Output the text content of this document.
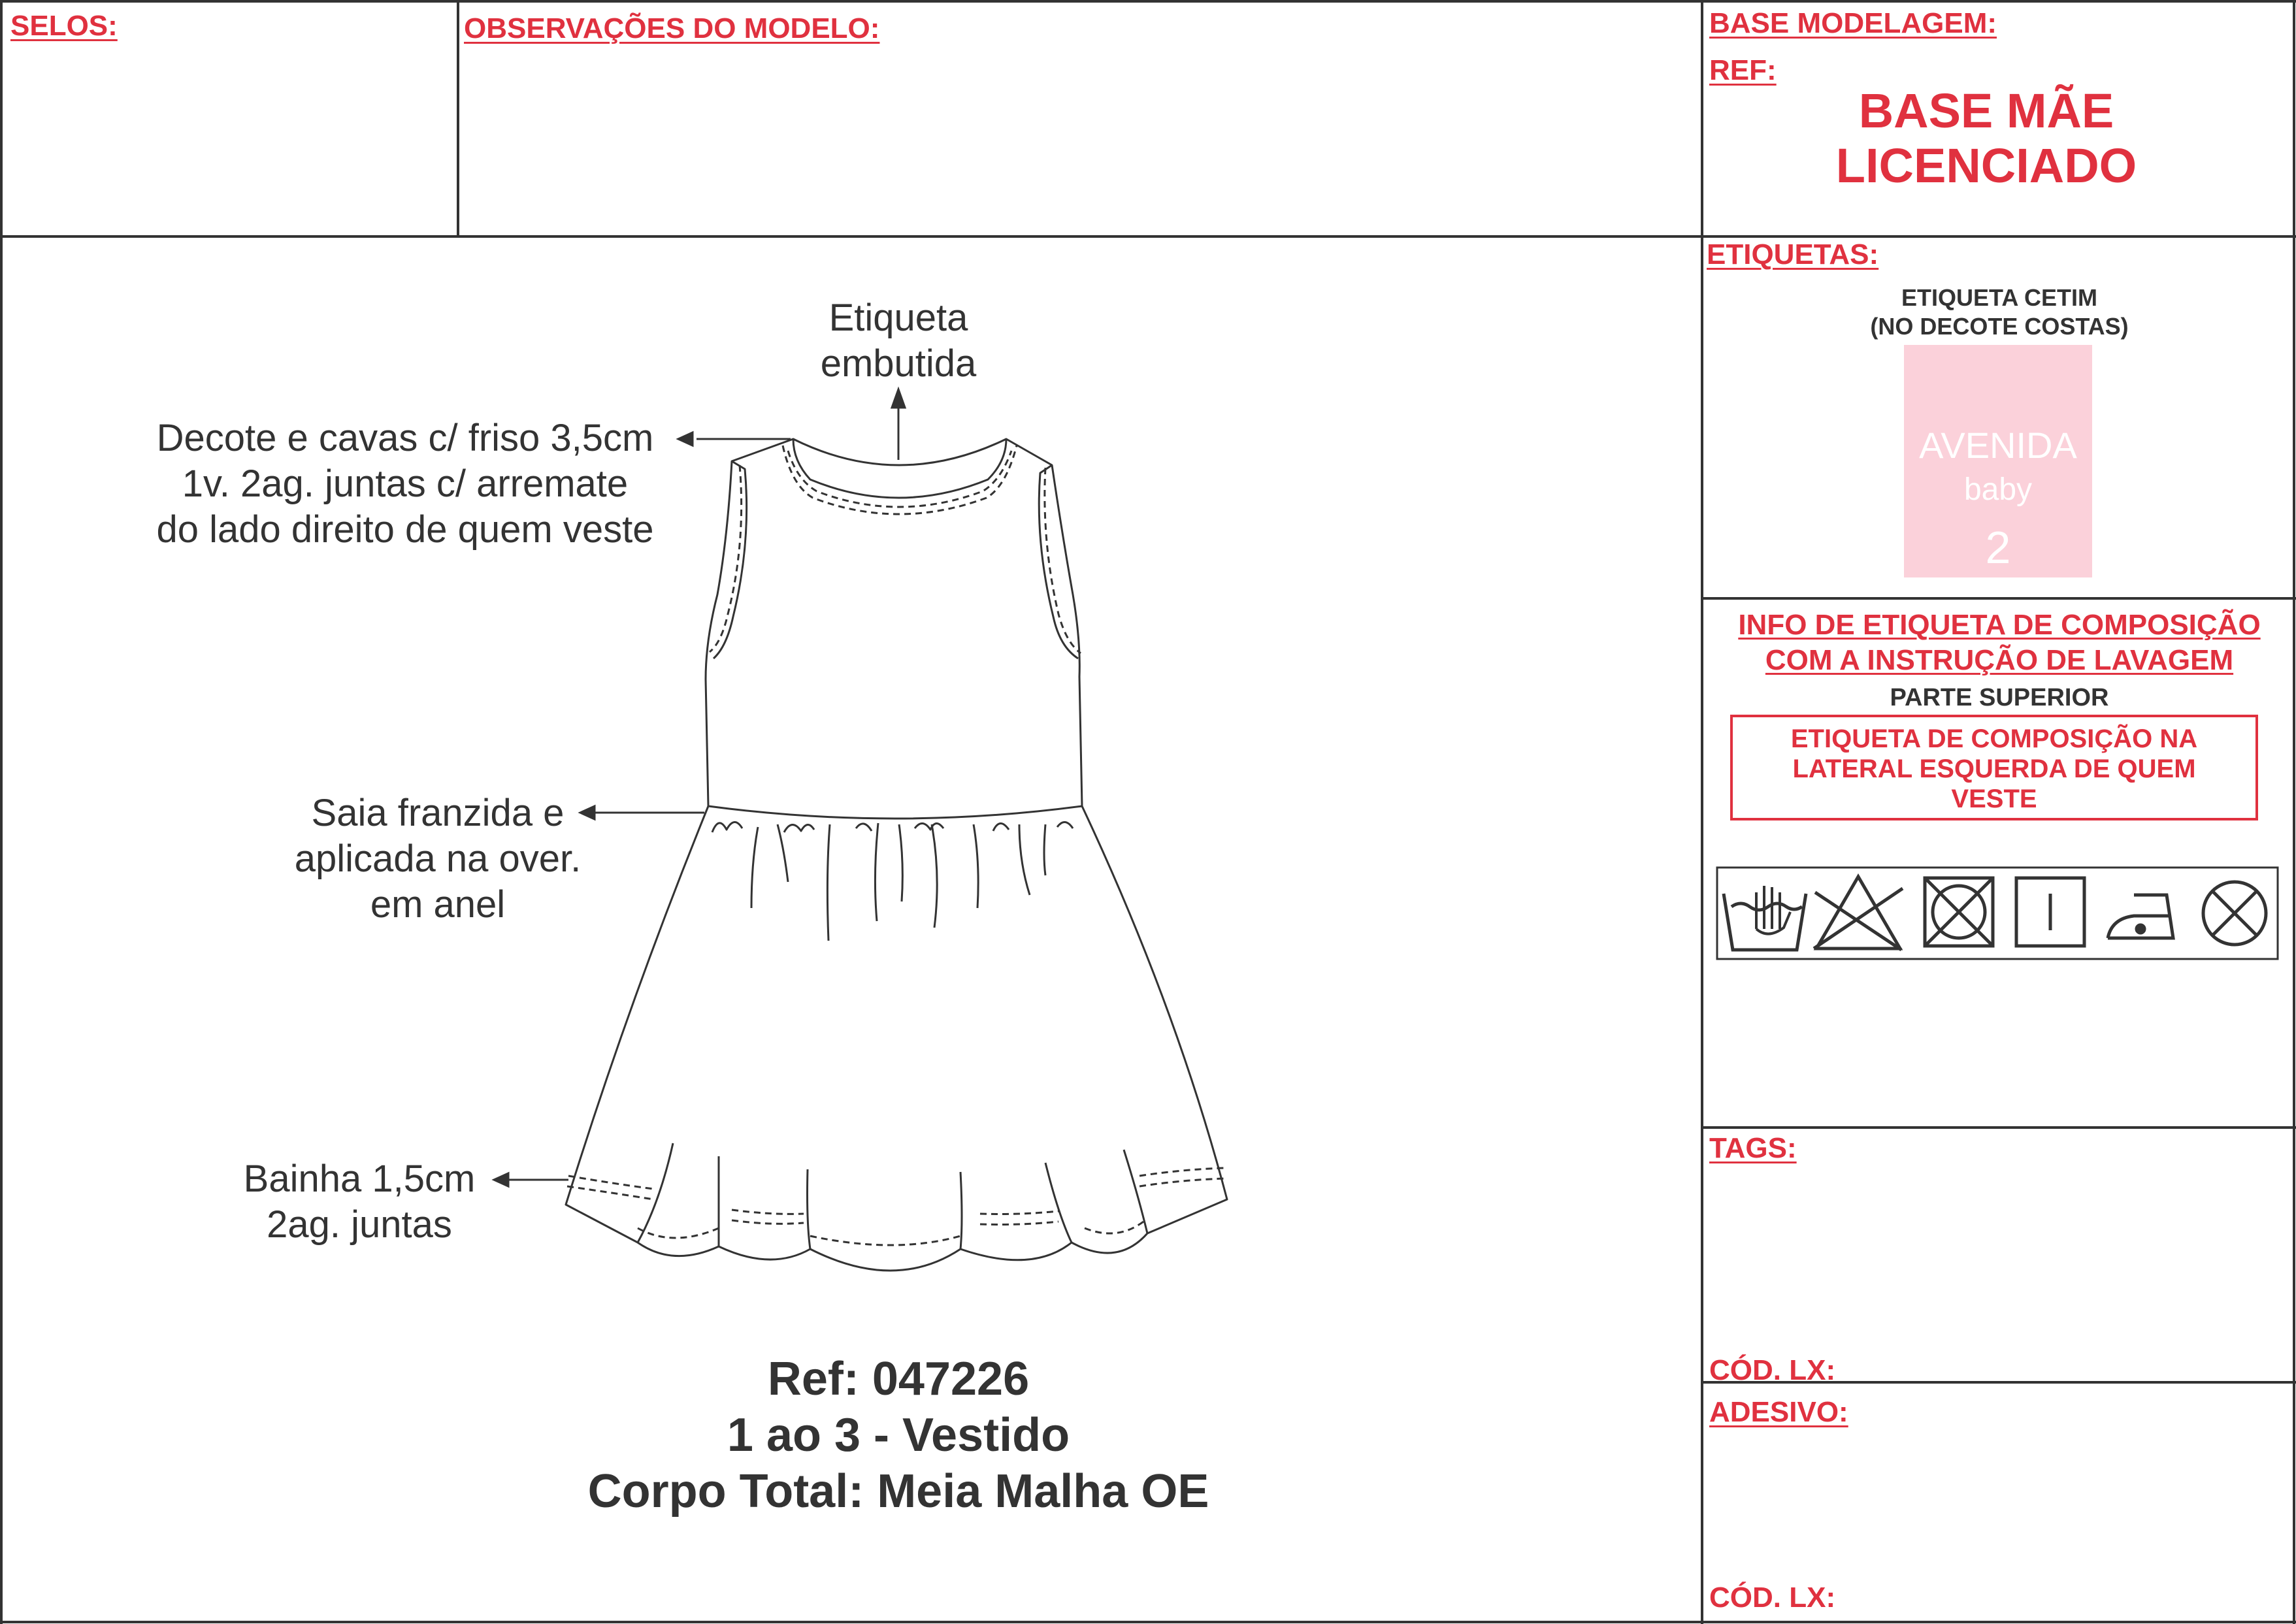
SELOS:	OBSERVAÇÕES DO MODELO:	BASE MODELAGEM:
REF:
BASE MÃE
LICENCIADO
ETIQUETAS:
ETIQUETA CETIM
(NO DECOTE COSTAS)
AVENIDA
baby
2
INFO DE ETIQUETA DE COMPOSIÇÃO
COM A INSTRUÇÃO DE LAVAGEM
PARTE SUPERIOR
ETIQUETA DE COMPOSIÇÃO NA
LATERAL ESQUERDA DE QUEM
VESTE
TAGS:
CÓD. LX:
ADESIVO:
CÓD. LX:
Etiqueta
embutida
Decote e cavas c/ friso 3,5cm
1v. 2ag. juntas c/ arremate
do lado direito de quem veste
Saia franzida e
aplicada na over.
em anel
Bainha 1,5cm
2ag. juntas
Ref: 047226
1 ao 3 - Vestido
Corpo Total: Meia Malha OE
